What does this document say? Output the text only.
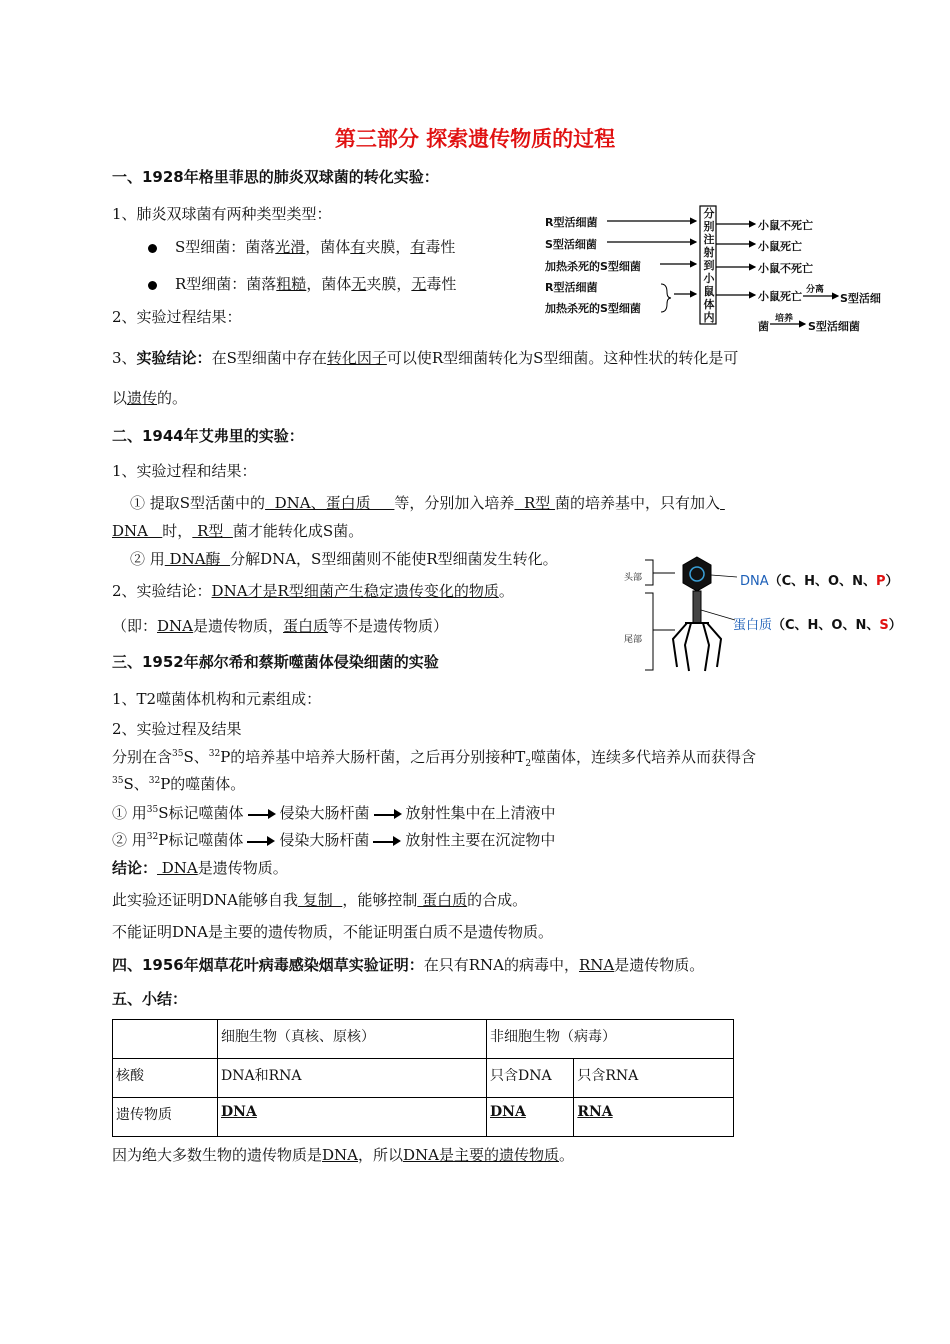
第三部分 探索遗传物质的过程
一、1928年格里菲思的肺炎双球菌的转化实验：
1、肺炎双球菌有两种类型类型：
S型细菌：菌落光滑，菌体有夹膜，有毒性
R型细菌：菌落粗糙，菌体无夹膜，无毒性
2、实验过程结果：
3、实验结论：在S型细菌中存在转化因子可以使R型细菌转化为S型细菌。这种性状的转化是可
以遗传的。
R型活细菌
S型活细菌
加热杀死的S型细菌
R型活细菌
加热杀死的S型细菌
分别注射到小鼠体内
小鼠不死亡
小鼠死亡
小鼠不死亡
小鼠死亡 分离
S型活细
菌
培养
S型活细菌
二、1944年艾弗里的实验：
1、实验过程和结果：
① 提取S型活菌中的  DNA、蛋白质     等，分别加入培养  R型 菌的培养基中，只有加入
DNA   时， R型  菌才能转化成S菌。
② 用 DNA酶  分解DNA，S型细菌则不能使R型细菌发生转化。
2、实验结论：DNA才是R型细菌产生稳定遗传变化的物质。
（即：DNA是遗传物质，蛋白质等不是遗传物质）
头部
尾部
DNA（C、H、O、N、P）
蛋白质（C、H、O、N、S）
三、1952年郝尔希和蔡斯噬菌体侵染细菌的实验
1、T2噬菌体机构和元素组成：
2、实验过程及结果
分别在含$^{35}$S、$^{32}$P的培养基中培养大肠杆菌，之后再分别接种$T_2$噬菌体，连续多代培养从而获得含
$^{35}$S、$^{32}$P的噬菌体。
① 用$^{35}$S标记噬菌体 侵染大肠杆菌 放射性集中在上清液中
② 用$^{32}$P标记噬菌体 侵染大肠杆菌 放射性主要在沉淀物中
结论： DNA是遗传物质。
此实验还证明DNA能够自我 复制  ，能够控制 蛋白质的合成。
不能证明DNA是主要的遗传物质，不能证明蛋白质不是遗传物质。
四、1956年烟草花叶病毒感染烟草实验证明：在只有RNA的病毒中，RNA是遗传物质。
五、小结：
	细胞生物（真核、原核）	非细胞生物（病毒）	
核酸	DNA和RNA	只含DNA	只含RNA
遗传物质	DNA	DNA	RNA
因为绝大多数生物的遗传物质是DNA，所以DNA是主要的遗传物质。
